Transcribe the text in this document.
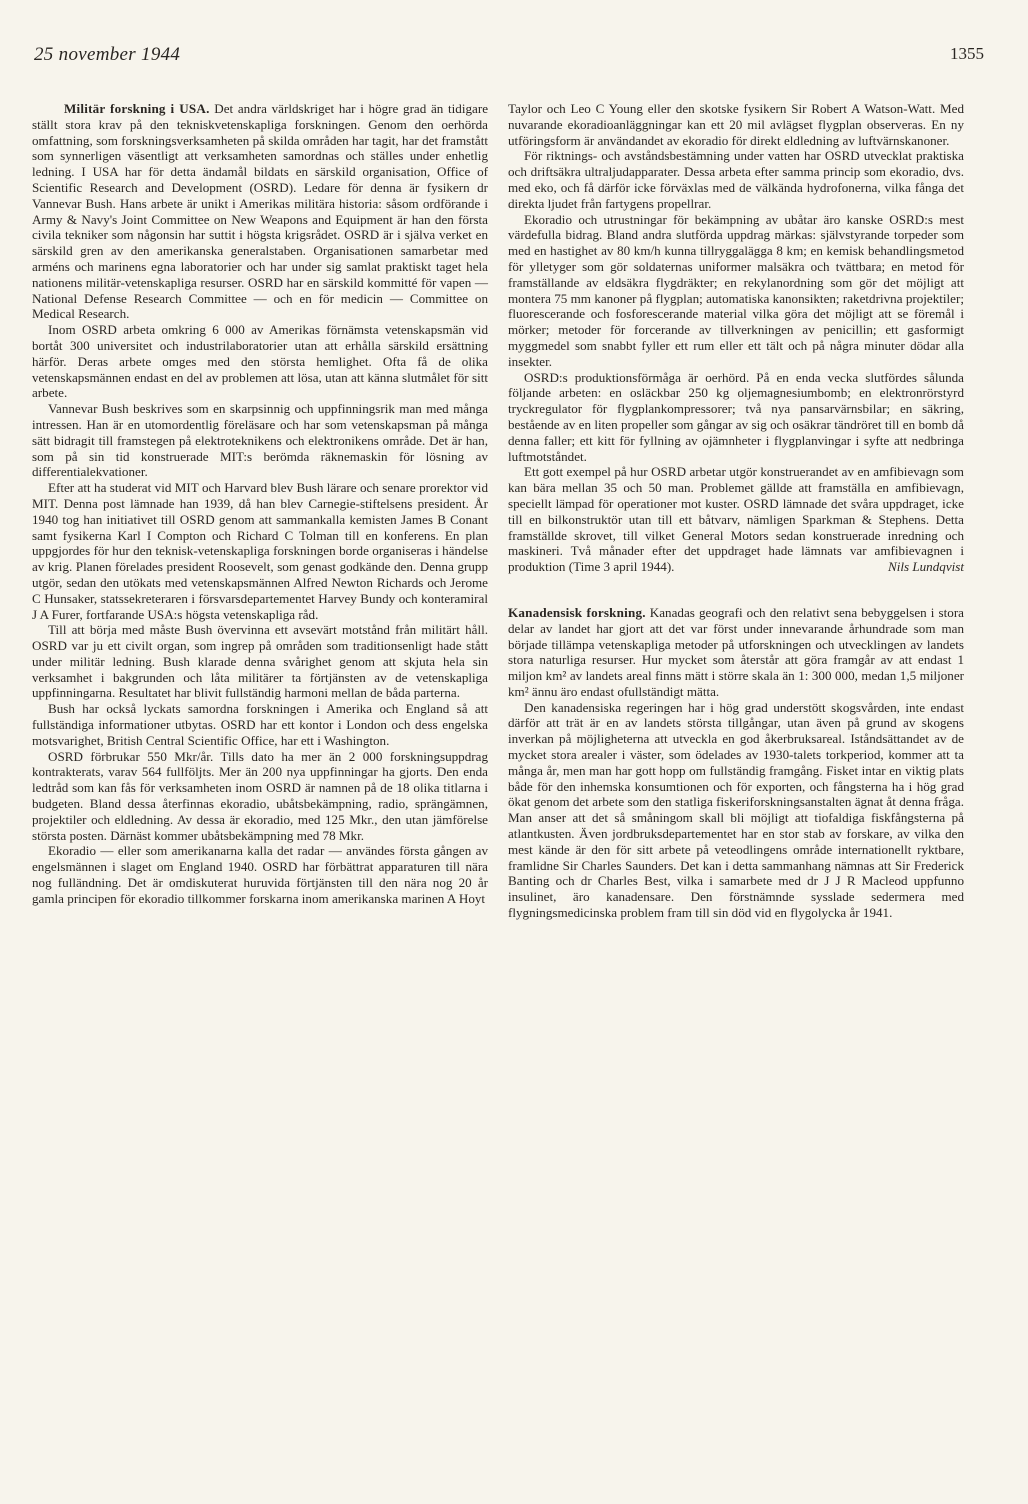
25 november 1944	1355

Militär forskning i USA. Det andra världskriget har i högre grad än tidigare ställt stora krav på den tekniskvetenskapliga forskningen. Genom den oerhörda omfattning, som forskningsverksamheten på skilda områden har tagit, har det framstått som synnerligen väsentligt att verksamheten samordnas och ställes under enhetlig ledning. I USA har för detta ändamål bildats en särskild organisation, Office of Scientific Research and Development (OSRD). Ledare för denna är fysikern dr Vannevar Bush. Hans arbete är unikt i Amerikas militära historia: såsom ordförande i Army & Navy's Joint Committee on New Weapons and Equipment är han den första civila tekniker som någonsin har suttit i högsta krigsrådet. OSRD är i själva verket en särskild gren av den amerikanska generalstaben. Organisationen samarbetar med arméns och marinens egna laboratorier och har under sig samlat praktiskt taget hela nationens militär-vetenskapliga resurser. OSRD har en särskild kommitté för vapen — National Defense Research Committee — och en för medicin — Committee on Medical Research.

Inom OSRD arbeta omkring 6 000 av Amerikas förnämsta vetenskapsmän vid bortåt 300 universitet och industrilaboratorier utan att erhålla särskild ersättning härför. Deras arbete omges med den största hemlighet. Ofta få de olika vetenskapsmännen endast en del av problemen att lösa, utan att känna slutmålet för sitt arbete.

Vannevar Bush beskrives som en skarpsinnig och uppfinningsrik man med många intressen. Han är en utomordentlig föreläsare och har som vetenskapsman på många sätt bidragit till framstegen på elektroteknikens och elektronikens område. Det är han, som på sin tid konstruerade MIT:s berömda räknemaskin för lösning av differentialekvationer.

Efter att ha studerat vid MIT och Harvard blev Bush lärare och senare prorektor vid MIT. Denna post lämnade han 1939, då han blev Carnegie-stiftelsens president. År 1940 tog han initiativet till OSRD genom att sammankalla kemisten James B Conant samt fysikerna Karl I Compton och Richard C Tolman till en konferens. En plan uppgjordes för hur den teknisk-vetenskapliga forskningen borde organiseras i händelse av krig. Planen förelades president Roosevelt, som genast godkände den. Denna grupp utgör, sedan den utökats med vetenskapsmännen Alfred Newton Richards och Jerome C Hunsaker, statssekreteraren i försvarsdepartementet Harvey Bundy och konteramiral J A Furer, fortfarande USA:s högsta vetenskapliga råd.

Till att börja med måste Bush övervinna ett avsevärt motstånd från militärt håll. OSRD var ju ett civilt organ, som ingrep på områden som traditionsenligt hade stått under militär ledning. Bush klarade denna svårighet genom att skjuta hela sin verksamhet i bakgrunden och låta militärer ta förtjänsten av de vetenskapliga uppfinningarna. Resultatet har blivit fullständig harmoni mellan de båda parterna.

Bush har också lyckats samordna forskningen i Amerika och England så att fullständiga informationer utbytas. OSRD har ett kontor i London och dess engelska motsvarighet, British Central Scientific Office, har ett i Washington.

OSRD förbrukar 550 Mkr/år. Tills dato ha mer än 2 000 forskningsuppdrag kontrakterats, varav 564 fullföljts. Mer än 200 nya uppfinningar ha gjorts. Den enda ledtråd som kan fås för verksamheten inom OSRD är namnen på de 18 olika titlarna i budgeten. Bland dessa återfinnas ekoradio, ubåtsbekämpning, radio, sprängämnen, projektiler och eldledning. Av dessa är ekoradio, med 125 Mkr., den utan jämförelse största posten. Därnäst kommer ubåtsbekämpning med 78 Mkr.

Ekoradio — eller som amerikanarna kalla det radar — användes första gången av engelsmännen i slaget om England 1940. OSRD har förbättrat apparaturen till nära nog fulländning. Det är omdiskuterat huruvida förtjänsten till den nära nog 20 år gamla principen för ekoradio tillkommer forskarna inom amerikanska marinen A Hoyt

Taylor och Leo C Young eller den skotske fysikern Sir Robert A Watson-Watt. Med nuvarande ekoradioanläggningar kan ett 20 mil avlägset flygplan observeras. En ny utföringsform är användandet av ekoradio för direkt eldledning av luftvärnskanoner.

För riktnings- och avståndsbestämning under vatten har OSRD utvecklat praktiska och driftsäkra ultraljudapparater. Dessa arbeta efter samma princip som ekoradio, dvs. med eko, och få därför icke förväxlas med de välkända hydrofonerna, vilka fånga det direkta ljudet från fartygens propellrar.

Ekoradio och utrustningar för bekämpning av ubåtar äro kanske OSRD:s mest värdefulla bidrag. Bland andra slutförda uppdrag märkas: självstyrande torpeder som med en hastighet av 80 km/h kunna tillryggalägga 8 km; en kemisk behandlingsmetod för ylletyger som gör soldaternas uniformer malsäkra och tvättbara; en metod för framställande av eldsäkra flygdräkter; en rekylanordning som gör det möjligt att montera 75 mm kanoner på flygplan; automatiska kanonsikten; raketdrivna projektiler; fluorescerande och fosforescerande material vilka göra det möjligt att se föremål i mörker; metoder för forcerande av tillverkningen av penicillin; ett gasformigt myggmedel som snabbt fyller ett rum eller ett tält och på några minuter dödar alla insekter.

OSRD:s produktionsförmåga är oerhörd. På en enda vecka slutfördes sålunda följande arbeten: en osläckbar 250 kg oljemagnesiumbomb; en elektronrörstyrd tryckregulator för flygplankompressorer; två nya pansarvärnsbilar; en säkring, bestående av en liten propeller som gångar av sig och osäkrar tändröret till en bomb då denna faller; ett kitt för fyllning av ojämnheter i flygplanvingar i syfte att nedbringa luftmotståndet.

Ett gott exempel på hur OSRD arbetar utgör konstruerandet av en amfibievagn som kan bära mellan 35 och 50 man. Problemet gällde att framställa en amfibievagn, speciellt lämpad för operationer mot kuster. OSRD lämnade det svåra uppdraget, icke till en bilkonstruktör utan till ett båtvarv, nämligen Sparkman & Stephens. Detta framställde skrovet, till vilket General Motors sedan konstruerade inredning och maskineri. Två månader efter det uppdraget hade lämnats var amfibievagnen i produktion (Time 3 april 1944).	Nils Lundqvist

Kanadensisk forskning. Kanadas geografi och den relativt sena bebyggelsen i stora delar av landet har gjort att det var först under innevarande århundrade som man började tillämpa vetenskapliga metoder på utforskningen och utvecklingen av landets stora naturliga resurser. Hur mycket som återstår att göra framgår av att endast 1 miljon km² av landets areal finns mätt i större skala än 1: 300 000, medan 1,5 miljoner km² ännu äro endast ofullständigt mätta.

Den kanadensiska regeringen har i hög grad understött skogsvården, inte endast därför att trät är en av landets största tillgångar, utan även på grund av skogens inverkan på möjligheterna att utveckla en god åkerbruksareal. Iståndsättandet av de mycket stora arealer i väster, som ödelades av 1930-talets torkperiod, kommer att ta många år, men man har gott hopp om fullständig framgång. Fisket intar en viktig plats både för den inhemska konsumtionen och för exporten, och fångsterna ha i hög grad ökat genom det arbete som den statliga fiskeriforskningsanstalten ägnat åt denna fråga. Man anser att det så småningom skall bli möjligt att tiofaldiga fiskfångsterna på atlantkusten. Även jordbruksdepartementet har en stor stab av forskare, av vilka den mest kände är den för sitt arbete på veteodlingens område internationellt ryktbare, framlidne Sir Charles Saunders. Det kan i detta sammanhang nämnas att Sir Frederick Banting och dr Charles Best, vilka i samarbete med dr J J R Macleod uppfunno insulinet, äro kanadensare. Den förstnämnde sysslade sedermera med flygningsmedicinska problem fram till sin död vid en flygolycka år 1941.
